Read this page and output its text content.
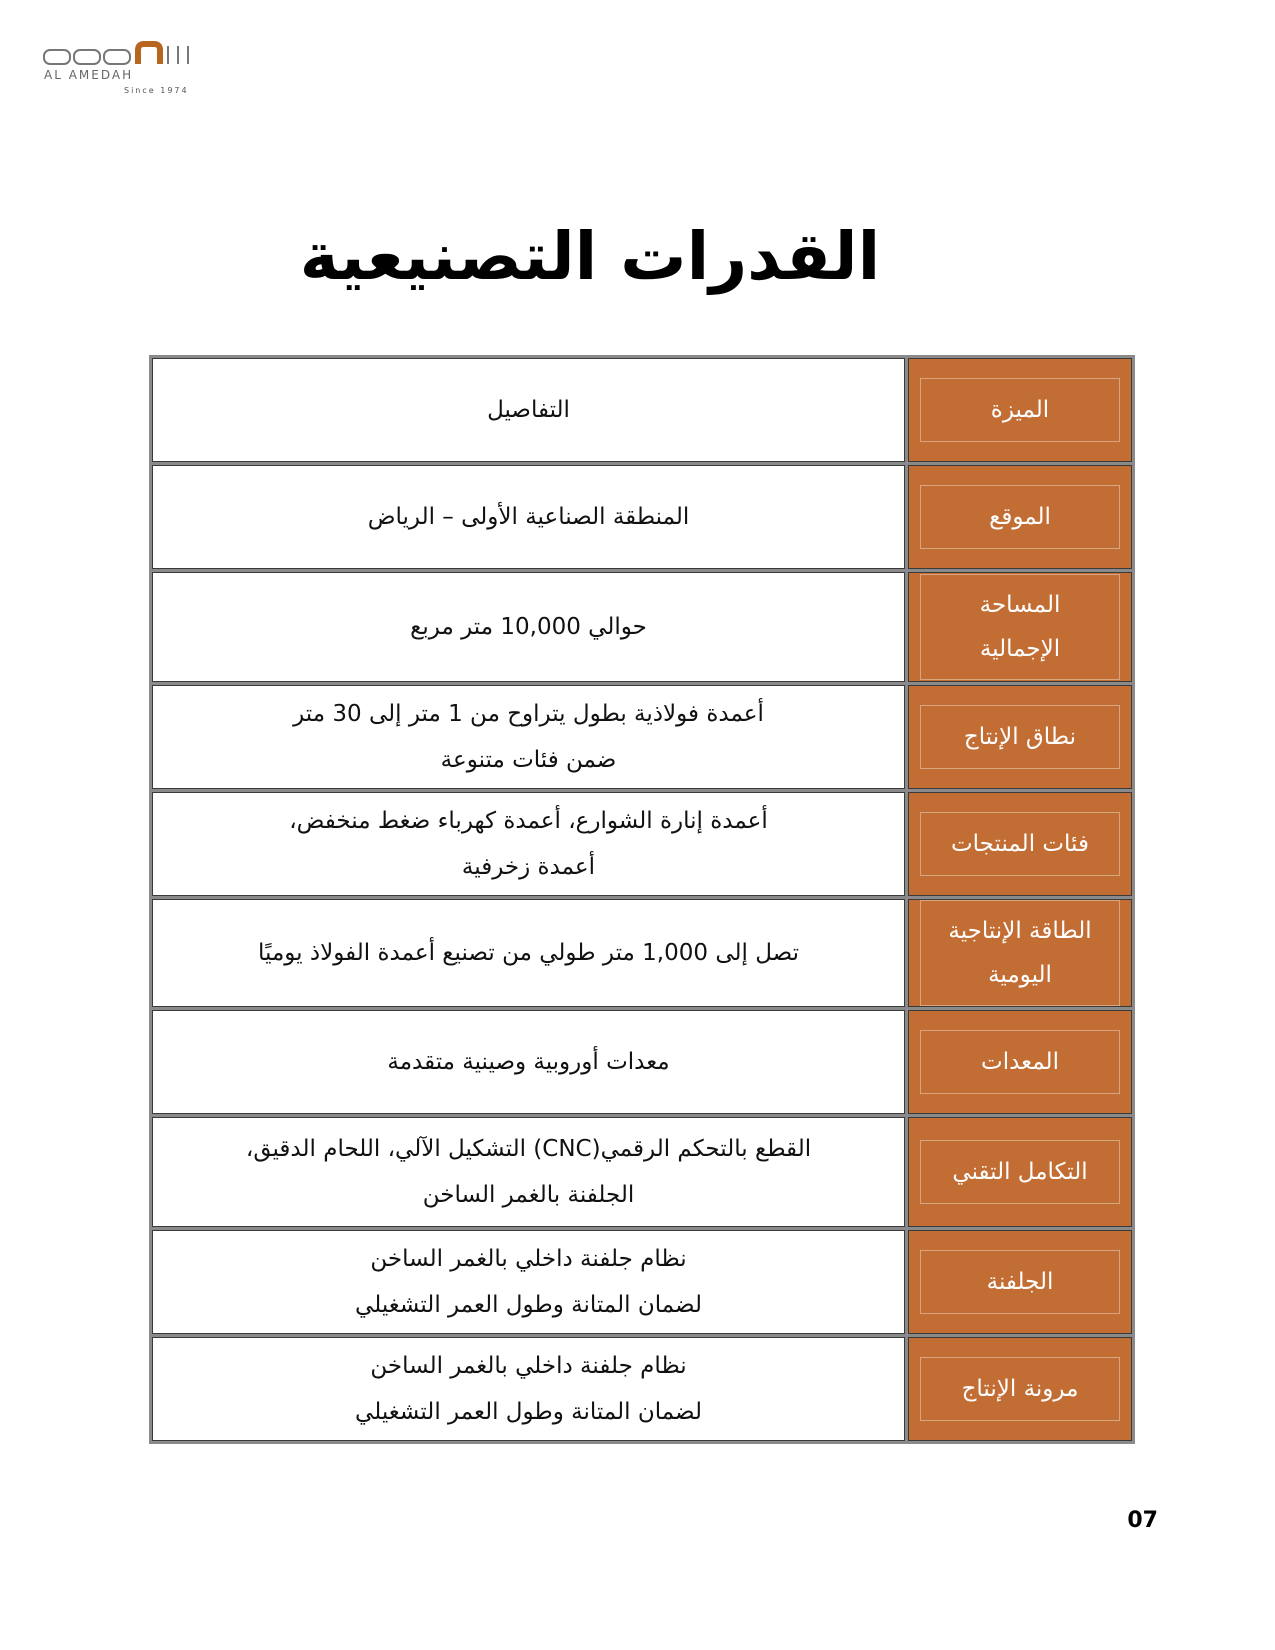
AL AMEDAH
Since 1974
القدرات التصنيعية
الميزة	التفاصيل

الموقع	المنطقة الصناعية الأولى – الرياض

المساحة
الإجمالية	حوالي 10,000 متر مربع

نطاق الإنتاج	أعمدة فولاذية بطول يتراوح من 1 متر إلى 30 متر
ضمن فئات متنوعة

فئات المنتجات	أعمدة إنارة الشوارع، أعمدة كهرباء ضغط منخفض،
أعمدة زخرفية

الطاقة الإنتاجية
اليومية	تصل إلى 1,000 متر طولي من تصنيع أعمدة الفولاذ يوميًا

المعدات	معدات أوروبية وصينية متقدمة

التكامل التقني	القطع بالتحكم الرقمي(CNC) التشكيل الآلي، اللحام الدقيق،
الجلفنة بالغمر الساخن

الجلفنة	نظام جلفنة داخلي بالغمر الساخن
لضمان المتانة وطول العمر التشغيلي

مرونة الإنتاج	نظام جلفنة داخلي بالغمر الساخن
لضمان المتانة وطول العمر التشغيلي
07
